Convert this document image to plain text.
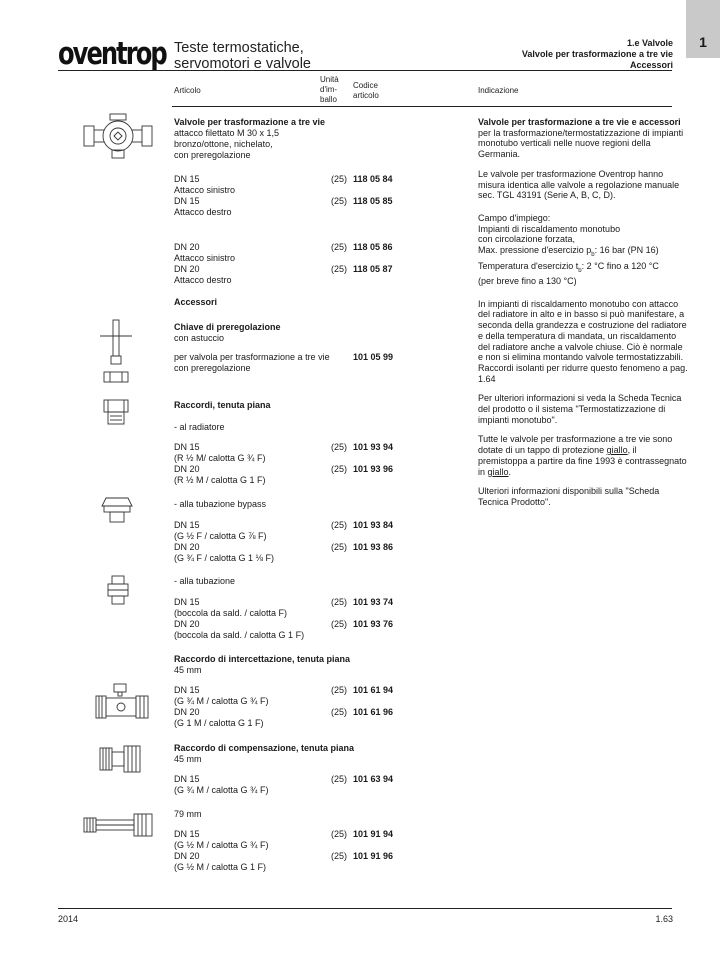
oventrop Teste termostatiche,
servomotori e valvole
1.e Valvole
Valvole per trasformazione a tre vie
Accessori
1
Articolo
Unità
d'im-
ballo
Codice
articolo
Indicazione
Valvole per trasformazione a tre vie
attacco filettato M 30 x 1,5
bronzo/ottone, nichelato,
con preregolazione
DN 15
Attacco sinistro
(25) 118 05 84
DN 15
Attacco destro
(25) 118 05 85
DN 20
Attacco sinistro
(25) 118 05 86
DN 20
Attacco destro
(25) 118 05 87
Accessori
Chiave di preregolazione
con astuccio
per valvola per trasformazione a tre vie
con preregolazione
101 05 99
Raccordi, tenuta piana
- al radiatore
DN 15
(R ½ M/ calotta G ¾ F)
(25) 101 93 94
DN 20
(R ½ M / calotta G 1 F)
(25) 101 93 96
- alla tubazione bypass
DN 15
(G ½ F / calotta G ⅞ F)
(25) 101 93 84
DN 20
(G ¾ F / calotta G 1 ⅛ F)
(25) 101 93 86
- alla tubazione
DN 15
(boccola da sald. / calotta F)
(25) 101 93 74
DN 20
(boccola da sald. / calotta G 1 F)
(25) 101 93 76
Raccordo di intercettazione, tenuta piana
45 mm
DN 15
(G ¾ M / calotta G ¾ F)
(25) 101 61 94
DN 20
(G 1 M / calotta G 1 F)
(25) 101 61 96
Raccordo di compensazione, tenuta piana
45 mm
DN 15
(G ¾ M / calotta G ¾ F)
(25) 101 63 94
79 mm
DN 15
(G ½ M / calotta G ¾ F)
(25) 101 91 94
DN 20
(G ½ M / calotta G 1 F)
(25) 101 91 96

Valvole per trasformazione a tre vie e accessori

per la trasformazione/termostatizzazione di impianti monotubo verticali nelle nuove regioni della Germania.

Le valvole per trasformazione Oventrop hanno misura identica alle valvole a regolazione manuale sec. TGL 43191 (Serie A, B, C, D).

Campo d'impiego:
Impianti di riscaldamento monotubo
con circolazione forzata,
Max. pressione d'esercizio $p_b$: 16 bar (PN 16)
Temperatura d'esercizio $t_b$: 2 °C fino a 120 °C
(per breve fino a 130 °C)

In impianti di riscaldamento monotubo con attacco del radiatore in alto e in basso si può manifestare, a seconda della grandezza e costruzione del radiatore e della temperatura di mandata, un riscaldamento del radiatore anche a valvole chiuse. Ciò è normale e non si elimina montando valvole termostatizzabili. Raccordi isolanti per ridurre questo fenomeno a pag. 1.64

Per ulteriori informazioni si veda la Scheda Tecnica del prodotto o il sistema "Termostatizzazione di impianti monotubo".

Tutte le valvole per trasformazione a tre vie sono dotate di un tappo di protezione giallo, il premistoppa a partire da fine 1993 è contrassegnato in giallo.

Ulteriori informazioni disponibili sulla "Scheda Tecnica Prodotto".

2014	1.63
